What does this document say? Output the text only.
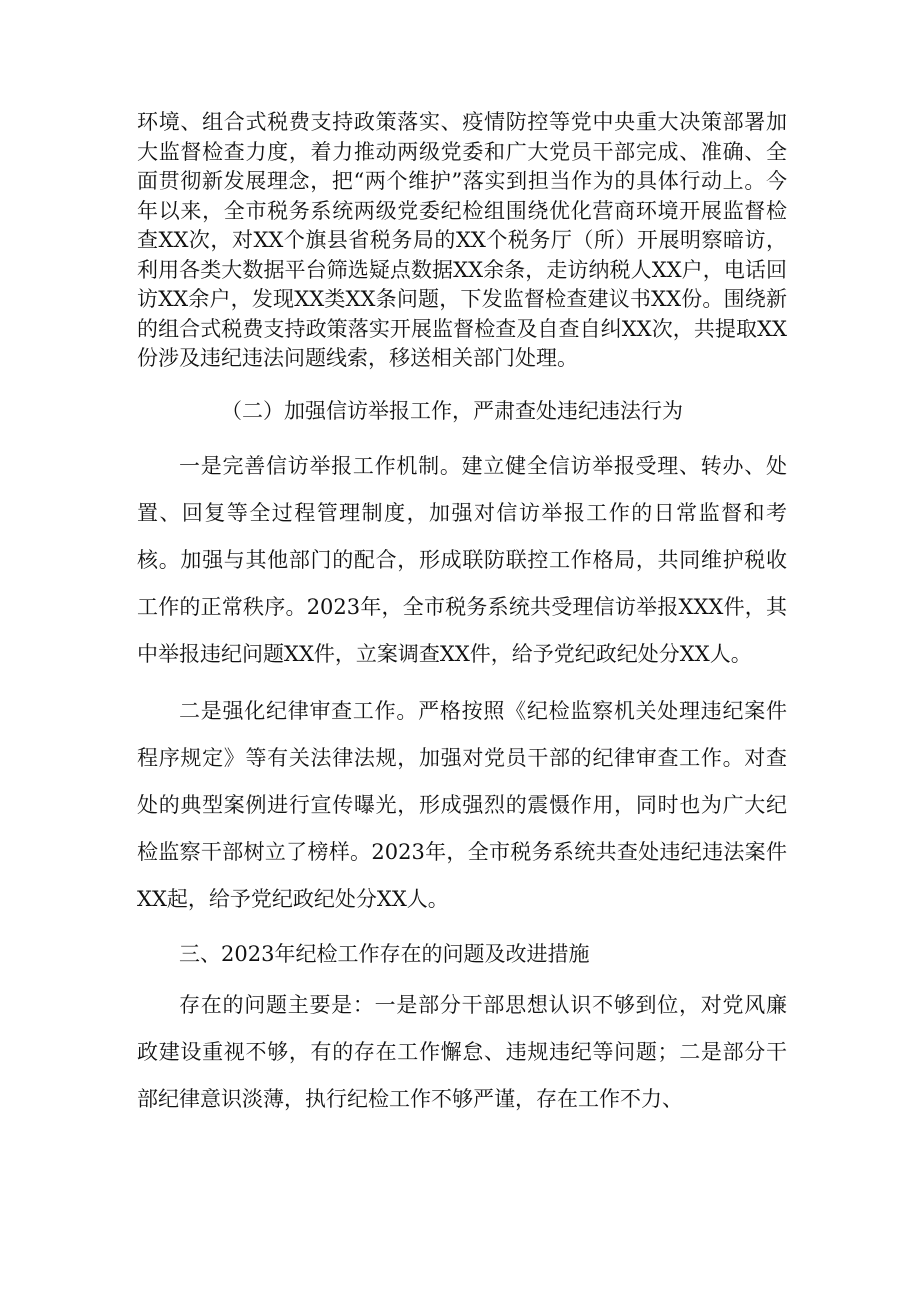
环境、组合式税费支持政策落实、疫情防控等党中央重大决策部署加大监督检查力度，着力推动两级党委和广大党员干部完成、准确、全面贯彻新发展理念，把“两个维护”落实到担当作为的具体行动上。今年以来，全市税务系统两级党委纪检组围绕优化营商环境开展监督检查XX次，对XX个旗县省税务局的XX个税务厅（所）开展明察暗访，利用各类大数据平台筛选疑点数据XX余条，走访纳税人XX户，电话回访XX余户，发现XX类XX条问题，下发监督检查建议书XX份。围绕新的组合式税费支持政策落实开展监督检查及自查自纠XX次，共提取XX份涉及违纪违法问题线索，移送相关部门处理。

（二）加强信访举报工作，严肃查处违纪违法行为

一是完善信访举报工作机制。建立健全信访举报受理、转办、处置、回复等全过程管理制度，加强对信访举报工作的日常监督和考核。加强与其他部门的配合，形成联防联控工作格局，共同维护税收工作的正常秩序。2023年，全市税务系统共受理信访举报XXX件，其中举报违纪问题XX件，立案调查XX件，给予党纪政纪处分XX人。

二是强化纪律审查工作。严格按照《纪检监察机关处理违纪案件程序规定》等有关法律法规，加强对党员干部的纪律审查工作。对查处的典型案例进行宣传曝光，形成强烈的震慑作用，同时也为广大纪检监察干部树立了榜样。2023年，全市税务系统共查处违纪违法案件XX起，给予党纪政纪处分XX人。

三、2023年纪检工作存在的问题及改进措施

存在的问题主要是：一是部分干部思想认识不够到位，对党风廉政建设重视不够，有的存在工作懈怠、违规违纪等问题；二是部分干部纪律意识淡薄，执行纪检工作不够严谨，存在工作不力、
